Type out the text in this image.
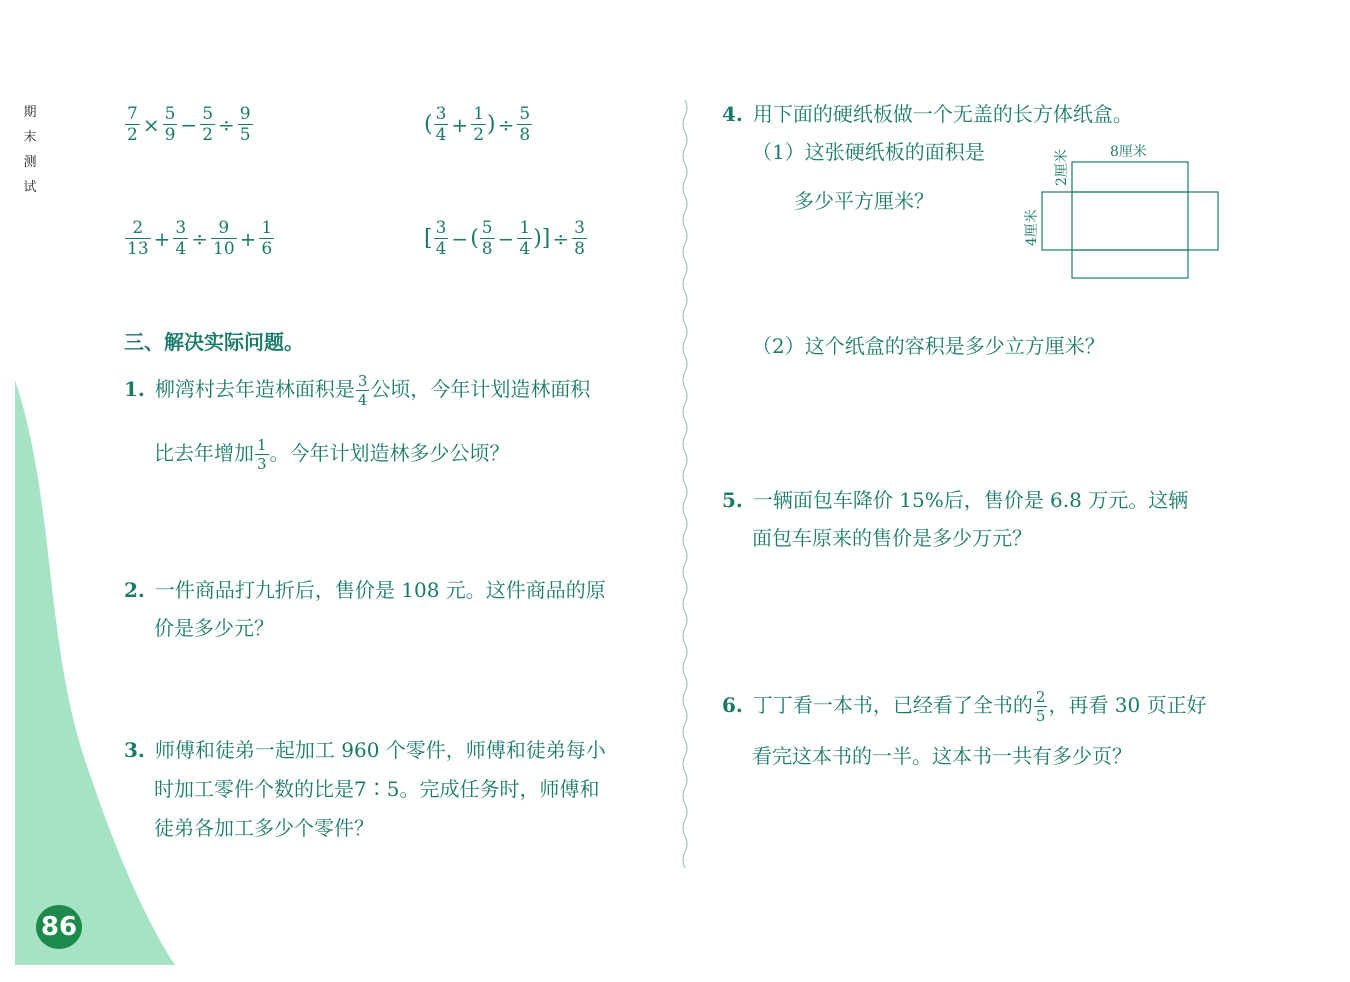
期
末
测
试
86
$\frac{7}{2} \times \frac{5}{9} - \frac{5}{2} \div \frac{9}{5}$	( $\frac{3}{4} + \frac{1}{2}$ ) ÷ $\frac{5}{8}$
$\frac{2}{13} + \frac{3}{4} \div \frac{9}{10} + \frac{1}{6}$	[ $\frac{3}{4}$ −( $\frac{5}{8} - \frac{1}{4}$ )] ÷ $\frac{3}{8}$
三、解决实际问题。
1. 柳湾村去年造林面积是 $\frac{3}{4}$ 公顷，今年计划造林面积
比去年增加 $\frac{1}{3}$ 。今年计划造林多少公顷？
2. 一件商品打九折后，售价是 108 元。这件商品的原
价是多少元？
3. 师傅和徒弟一起加工 960 个零件，师傅和徒弟每小
时加工零件个数的比是7∶5。完成任务时，师傅和
徒弟各加工多少个零件？
4. 用下面的硬纸板做一个无盖的长方体纸盒。
（1）这张硬纸板的面积是
多少平方厘米？
8厘米
2厘米
4厘米
（2）这个纸盒的容积是多少立方厘米？
5. 一辆面包车降价 15%后，售价是 6.8 万元。这辆
面包车原来的售价是多少万元？
6. 丁丁看一本书，已经看了全书的 $\frac{2}{5}$ ，再看 30 页正好
看完这本书的一半。这本书一共有多少页？
